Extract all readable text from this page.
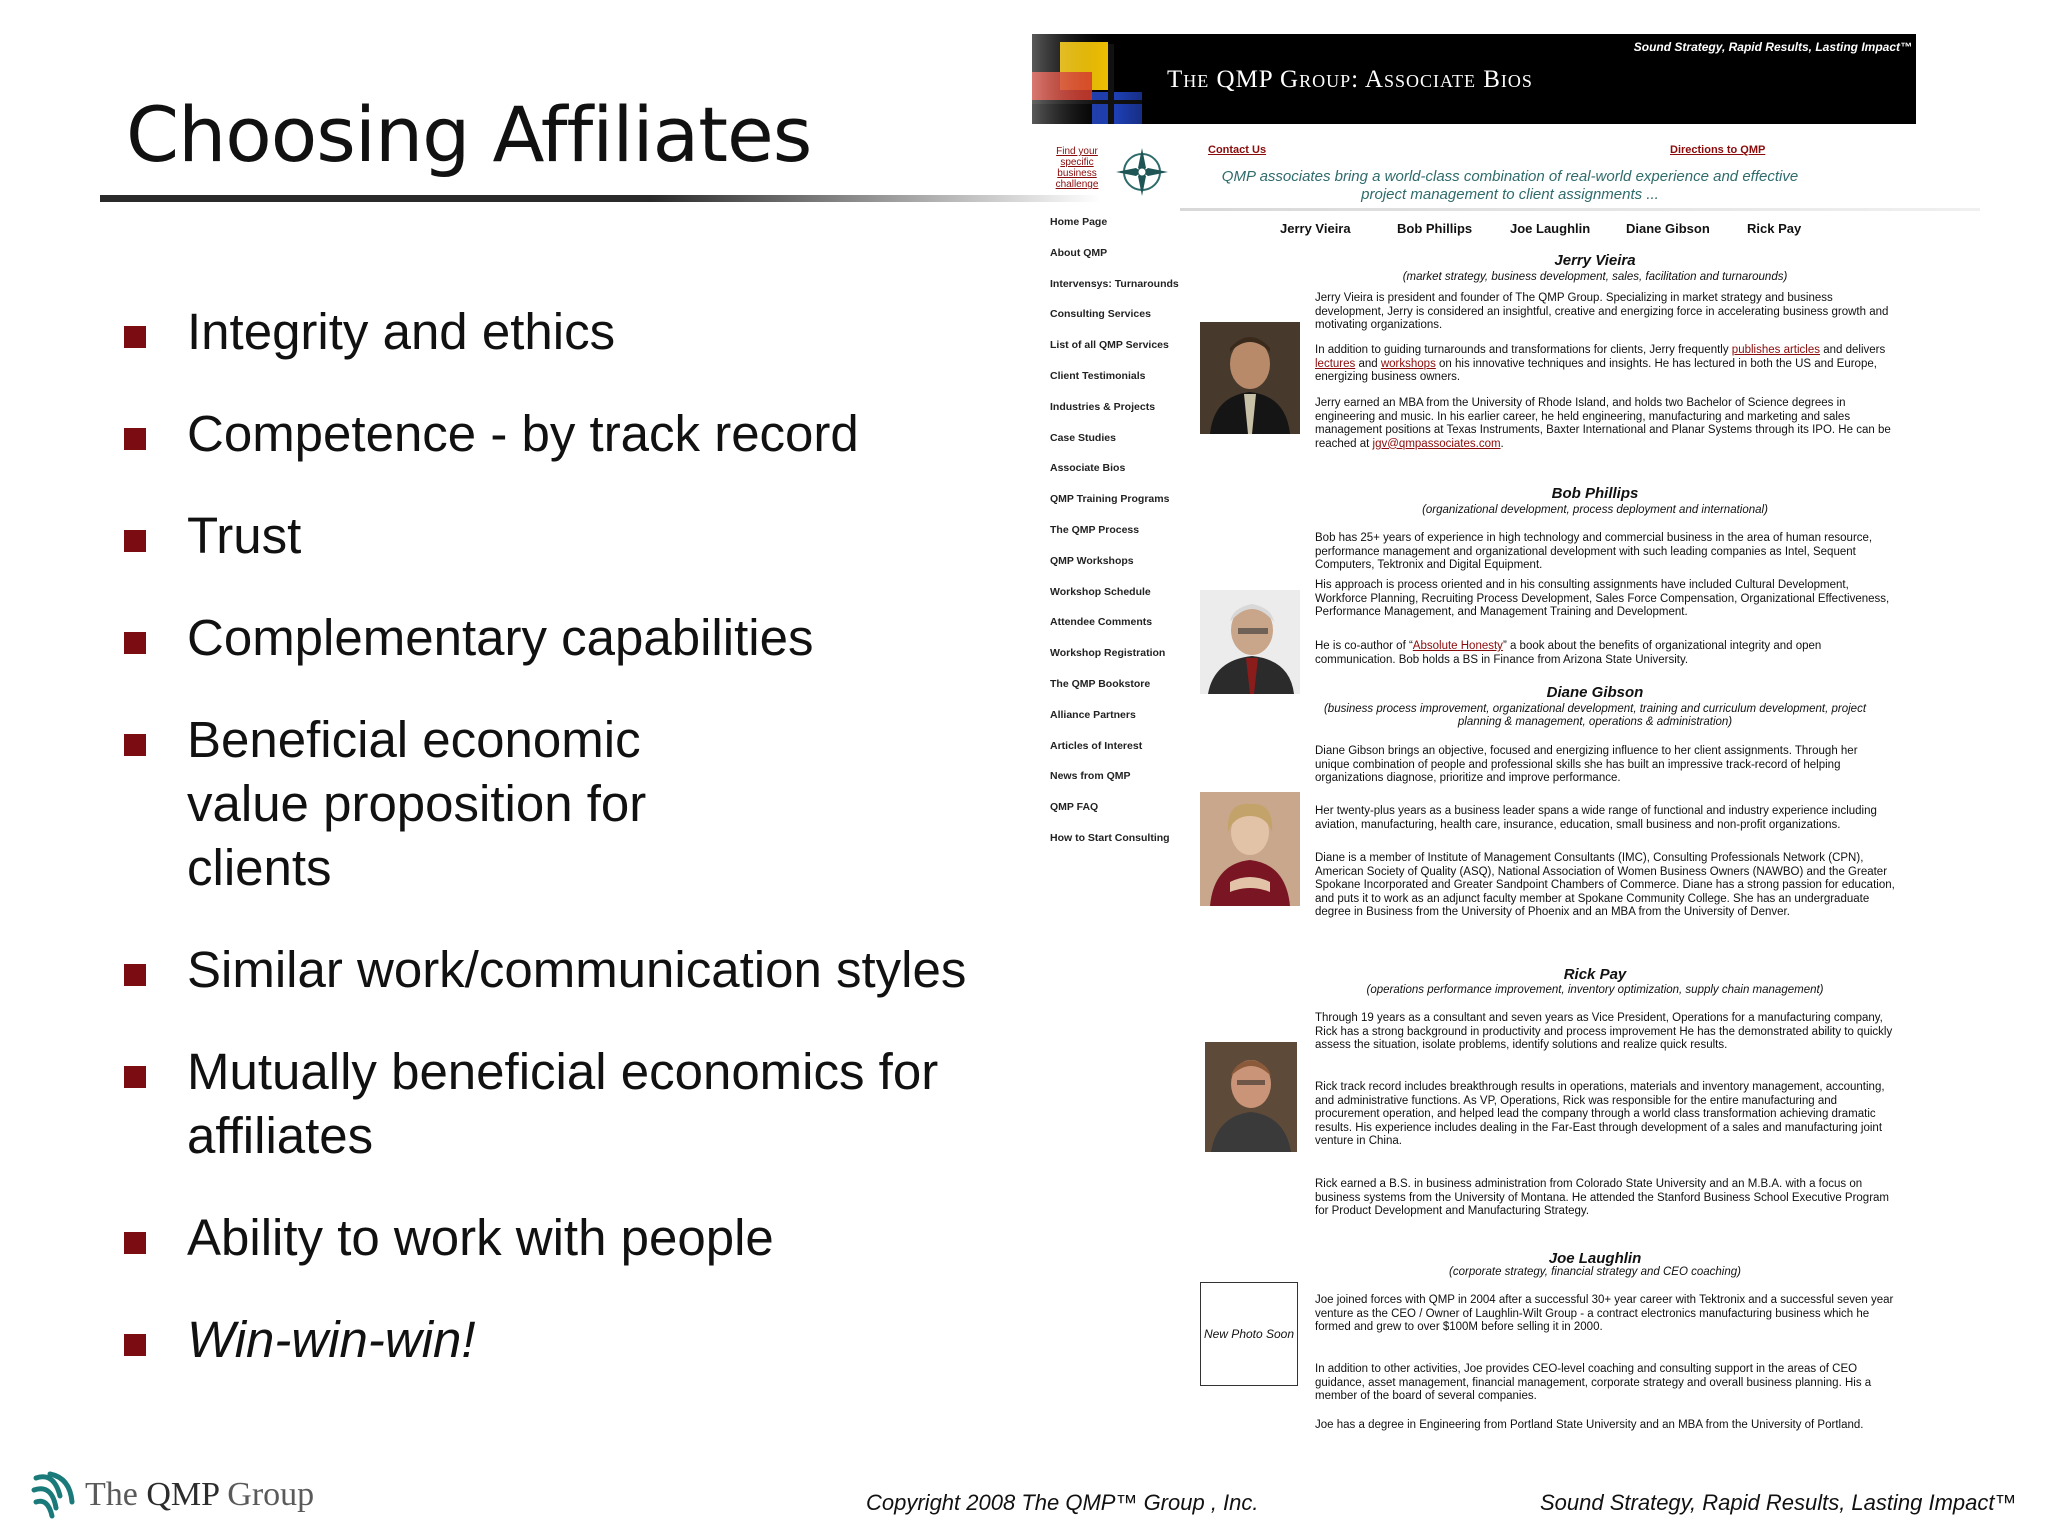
Choosing Affiliates
Integrity and ethics
Competence - by track record
Trust
Complementary capabilities
Beneficial economic value proposition for clients
Similar work/communication styles
Mutually beneficial economics for affiliates
Ability to work with people
Win-win-win!
Sound Strategy, Rapid Results, Lasting Impact™
The QMP Group: Associate Bios
Contact Us	Directions to QMP
Find your specific business challenge	QMP associates bring a world-class combination of real-world experience and effective project management to client assignments ...
Home Page
About QMP
Intervensys: Turnarounds
Consulting Services
List of all QMP Services
Client Testimonials
Industries & Projects
Case Studies
Associate Bios
QMP Training Programs
The QMP Process
QMP Workshops
Workshop Schedule
Attendee Comments
Workshop Registration
The QMP Bookstore
Alliance Partners
Articles of Interest
News from QMP
QMP FAQ
How to Start Consulting
Jerry Vieira	Bob Phillips	Joe Laughlin	Diane Gibson	Rick Pay
Jerry Vieira
(market strategy, business development, sales, facilitation and turnarounds)
Jerry Vieira is president and founder of The QMP Group. Specializing in market strategy and business development, Jerry is considered an insightful, creative and energizing force in accelerating business growth and motivating organizations.
In addition to guiding turnarounds and transformations for clients, Jerry frequently publishes articles and delivers lectures and workshops on his innovative techniques and insights. He has lectured in both the US and Europe, energizing business owners.
Jerry earned an MBA from the University of Rhode Island, and holds two Bachelor of Science degrees in engineering and music. In his earlier career, he held engineering, manufacturing and marketing and sales management positions at Texas Instruments, Baxter International and Planar Systems through its IPO. He can be reached at jgv@qmpassociates.com.
Bob Phillips
(organizational development, process deployment and international)
Bob has 25+ years of experience in high technology and commercial business in the area of human resource, performance management and organizational development with such leading companies as Intel, Sequent Computers, Tektronix and Digital Equipment.
His approach is process oriented and in his consulting assignments have included Cultural Development, Workforce Planning, Recruiting Process Development, Sales Force Compensation, Organizational Effectiveness, Performance Management, and Management Training and Development.
He is co-author of “Absolute Honesty” a book about the benefits of organizational integrity and open communication. Bob holds a BS in Finance from Arizona State University.
Diane Gibson
(business process improvement, organizational development, training and curriculum development, project planning & management, operations & administration)
Diane Gibson brings an objective, focused and energizing influence to her client assignments. Through her unique combination of people and professional skills she has built an impressive track-record of helping organizations diagnose, prioritize and improve performance.
Her twenty-plus years as a business leader spans a wide range of functional and industry experience including aviation, manufacturing, health care, insurance, education, small business and non-profit organizations.
Diane is a member of Institute of Management Consultants (IMC), Consulting Professionals Network (CPN), American Society of Quality (ASQ), National Association of Women Business Owners (NAWBO) and the Greater Spokane Incorporated and Greater Sandpoint Chambers of Commerce. Diane has a strong passion for education, and puts it to work as an adjunct faculty member at Spokane Community College. She has an undergraduate degree in Business from the University of Phoenix and an MBA from the University of Denver.
Rick Pay
(operations performance improvement, inventory optimization, supply chain management)
Through 19 years as a consultant and seven years as Vice President, Operations for a manufacturing company, Rick has a strong background in productivity and process improvement He has the demonstrated ability to quickly assess the situation, isolate problems, identify solutions and realize quick results.
Rick track record includes breakthrough results in operations, materials and inventory management, accounting, and administrative functions. As VP, Operations, Rick was responsible for the entire manufacturing and procurement operation, and helped lead the company through a world class transformation achieving dramatic results. His experience includes dealing in the Far-East through development of a sales and manufacturing joint venture in China.
Rick earned a B.S. in business administration from Colorado State University and an M.B.A. with a focus on business systems from the University of Montana. He attended the Stanford Business School Executive Program for Product Development and Manufacturing Strategy.
Joe Laughlin
(corporate strategy, financial strategy and CEO coaching)
New Photo Soon
Joe joined forces with QMP in 2004 after a successful 30+ year career with Tektronix and a successful seven year venture as the CEO / Owner of Laughlin-Wilt Group - a contract electronics manufacturing business which he formed and grew to over $100M before selling it in 2000.
In addition to other activities, Joe provides CEO-level coaching and consulting support in the areas of CEO guidance, asset management, financial management, corporate strategy and overall business planning. His a member of the board of several companies.
Joe has a degree in Engineering from Portland State University and an MBA from the University of Portland.
The QMP Group	Copyright 2008 The QMP™ Group , Inc.	Sound Strategy, Rapid Results, Lasting Impact™
